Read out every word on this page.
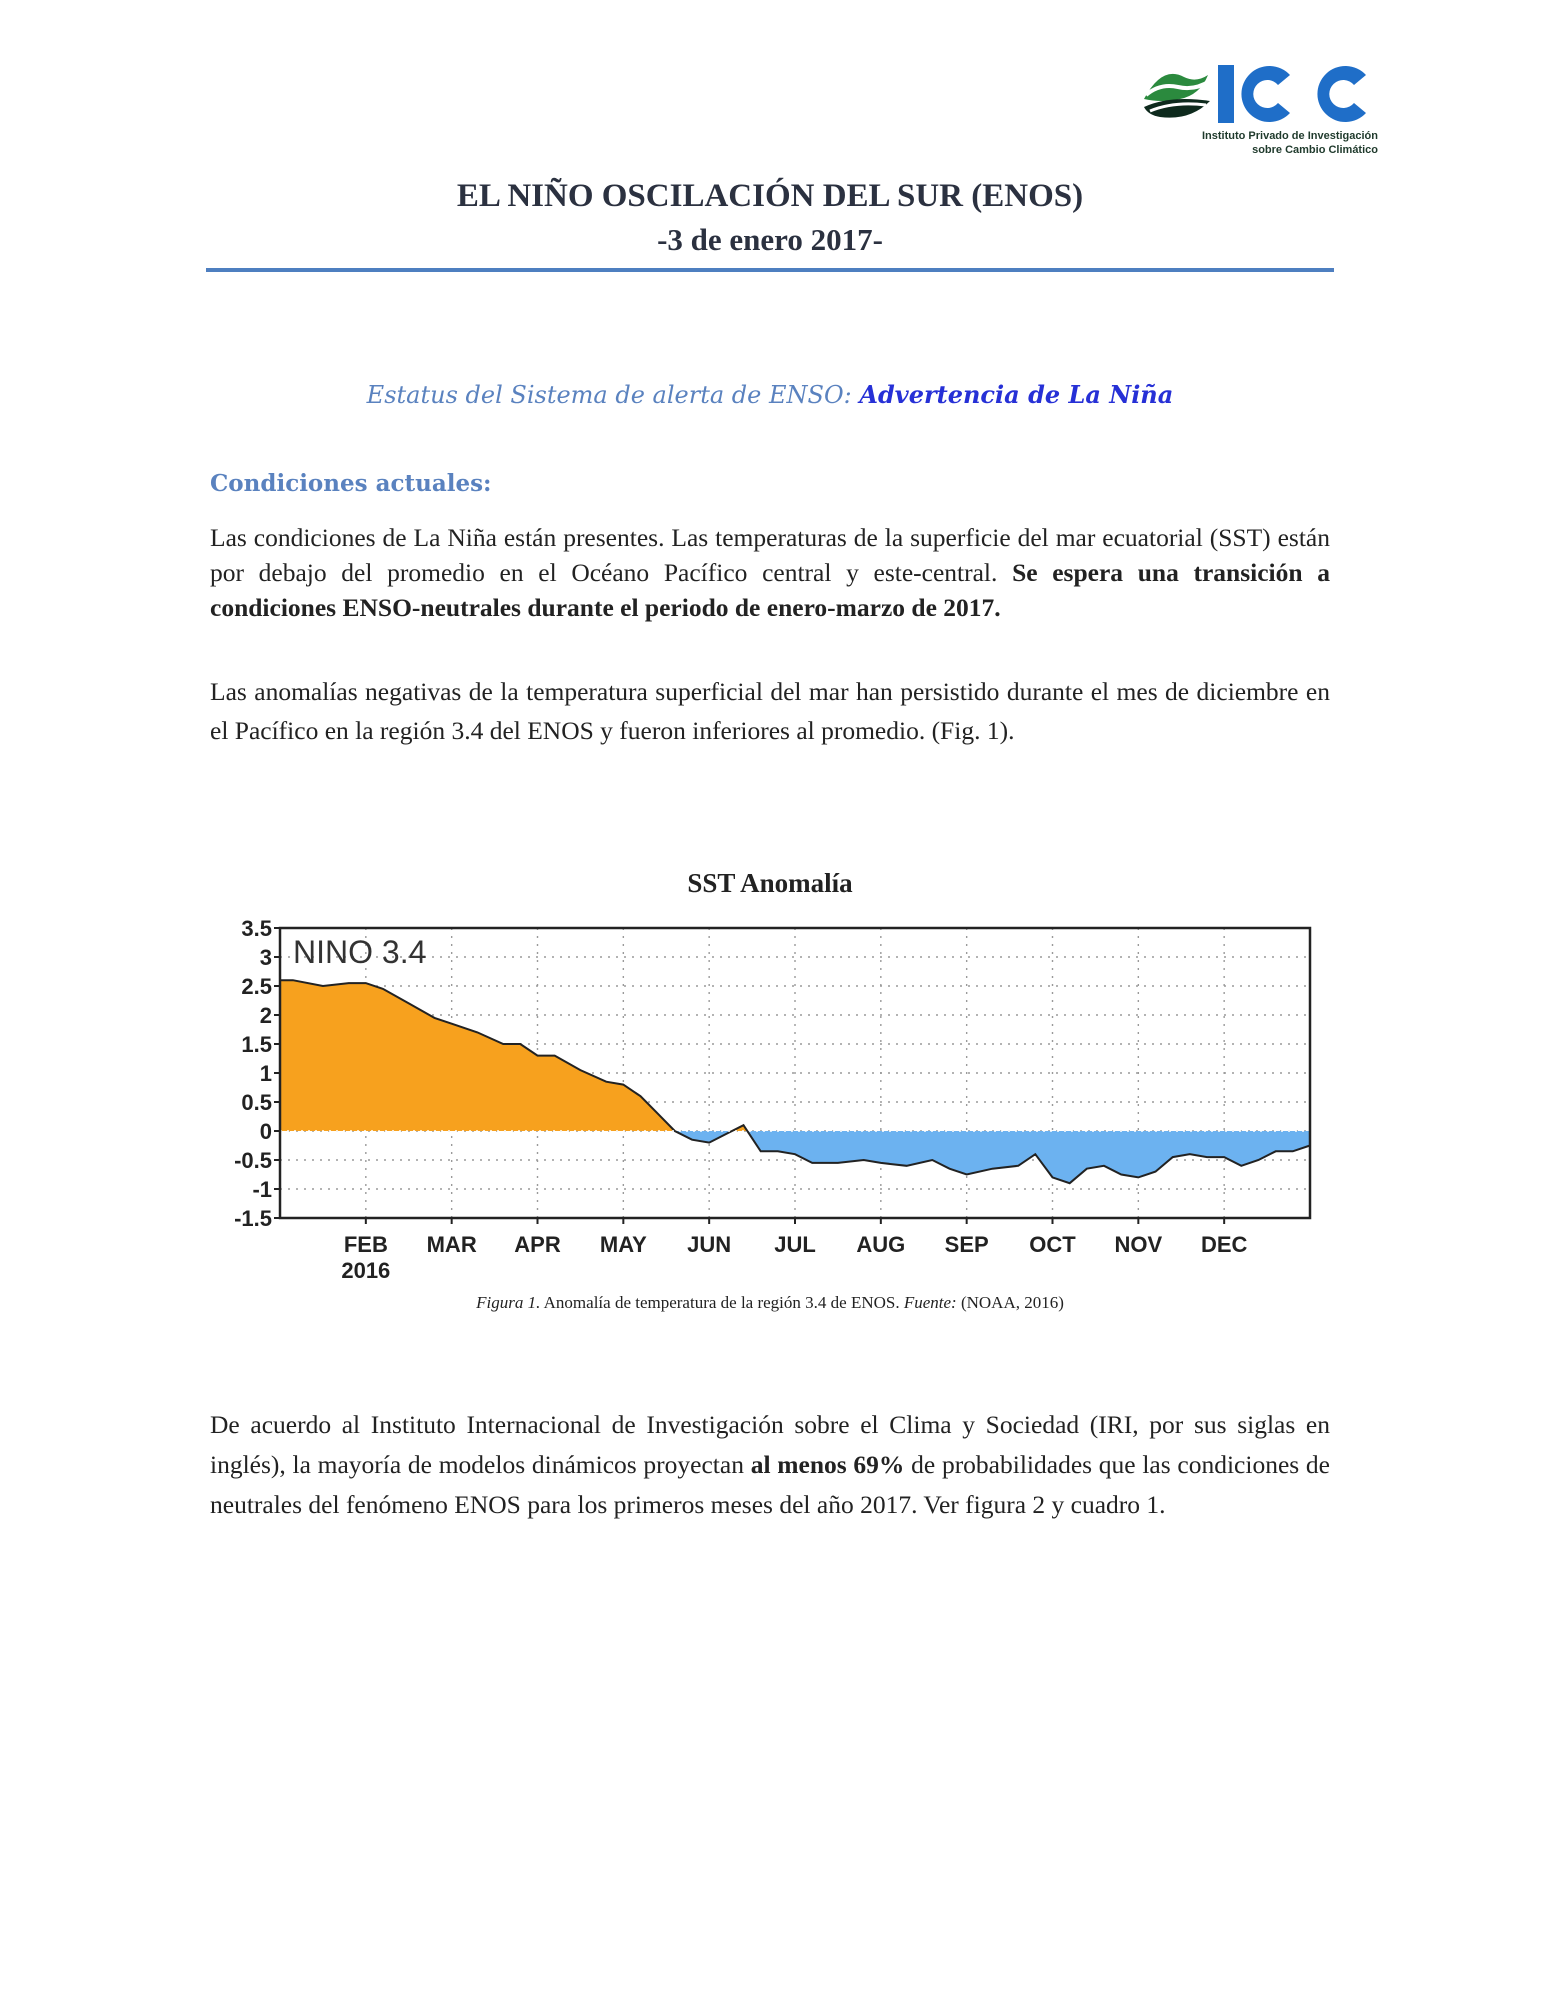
Instituto Privado de Investigación
sobre Cambio Climático
EL NIÑO OSCILACIÓN DEL SUR (ENOS)
-3 de enero 2017-
Estatus del Sistema de alerta de ENSO: Advertencia de La Niña
Condiciones actuales:

Las condiciones de La Niña están presentes. Las temperaturas de la superficie del mar ecuatorial (SST) están por debajo del promedio en el Océano Pacífico central y este-central. Se espera una transición a condiciones ENSO-neutrales durante el periodo de enero-marzo de 2017.

Las anomalías negativas de la temperatura superficial del mar han persistido durante el mes de diciembre en el Pacífico en la región 3.4 del ENOS y fueron inferiores al promedio. (Fig. 1).

SST Anomalía
3.5
3
2.5
2
1.5
1
0.5
0
-0.5
-1
-1.5
FEB MAR APR MAY JUN JUL AUG SEP OCT NOV DEC
2016
NINO 3.4

Figura 1. Anomalía de temperatura de la región 3.4 de ENOS. Fuente: (NOAA, 2016)

De acuerdo al Instituto Internacional de Investigación sobre el Clima y Sociedad (IRI, por sus siglas en inglés), la mayoría de modelos dinámicos proyectan al menos 69% de probabilidades que las condiciones de neutrales del fenómeno ENOS para los primeros meses del año 2017. Ver figura 2 y cuadro 1.
